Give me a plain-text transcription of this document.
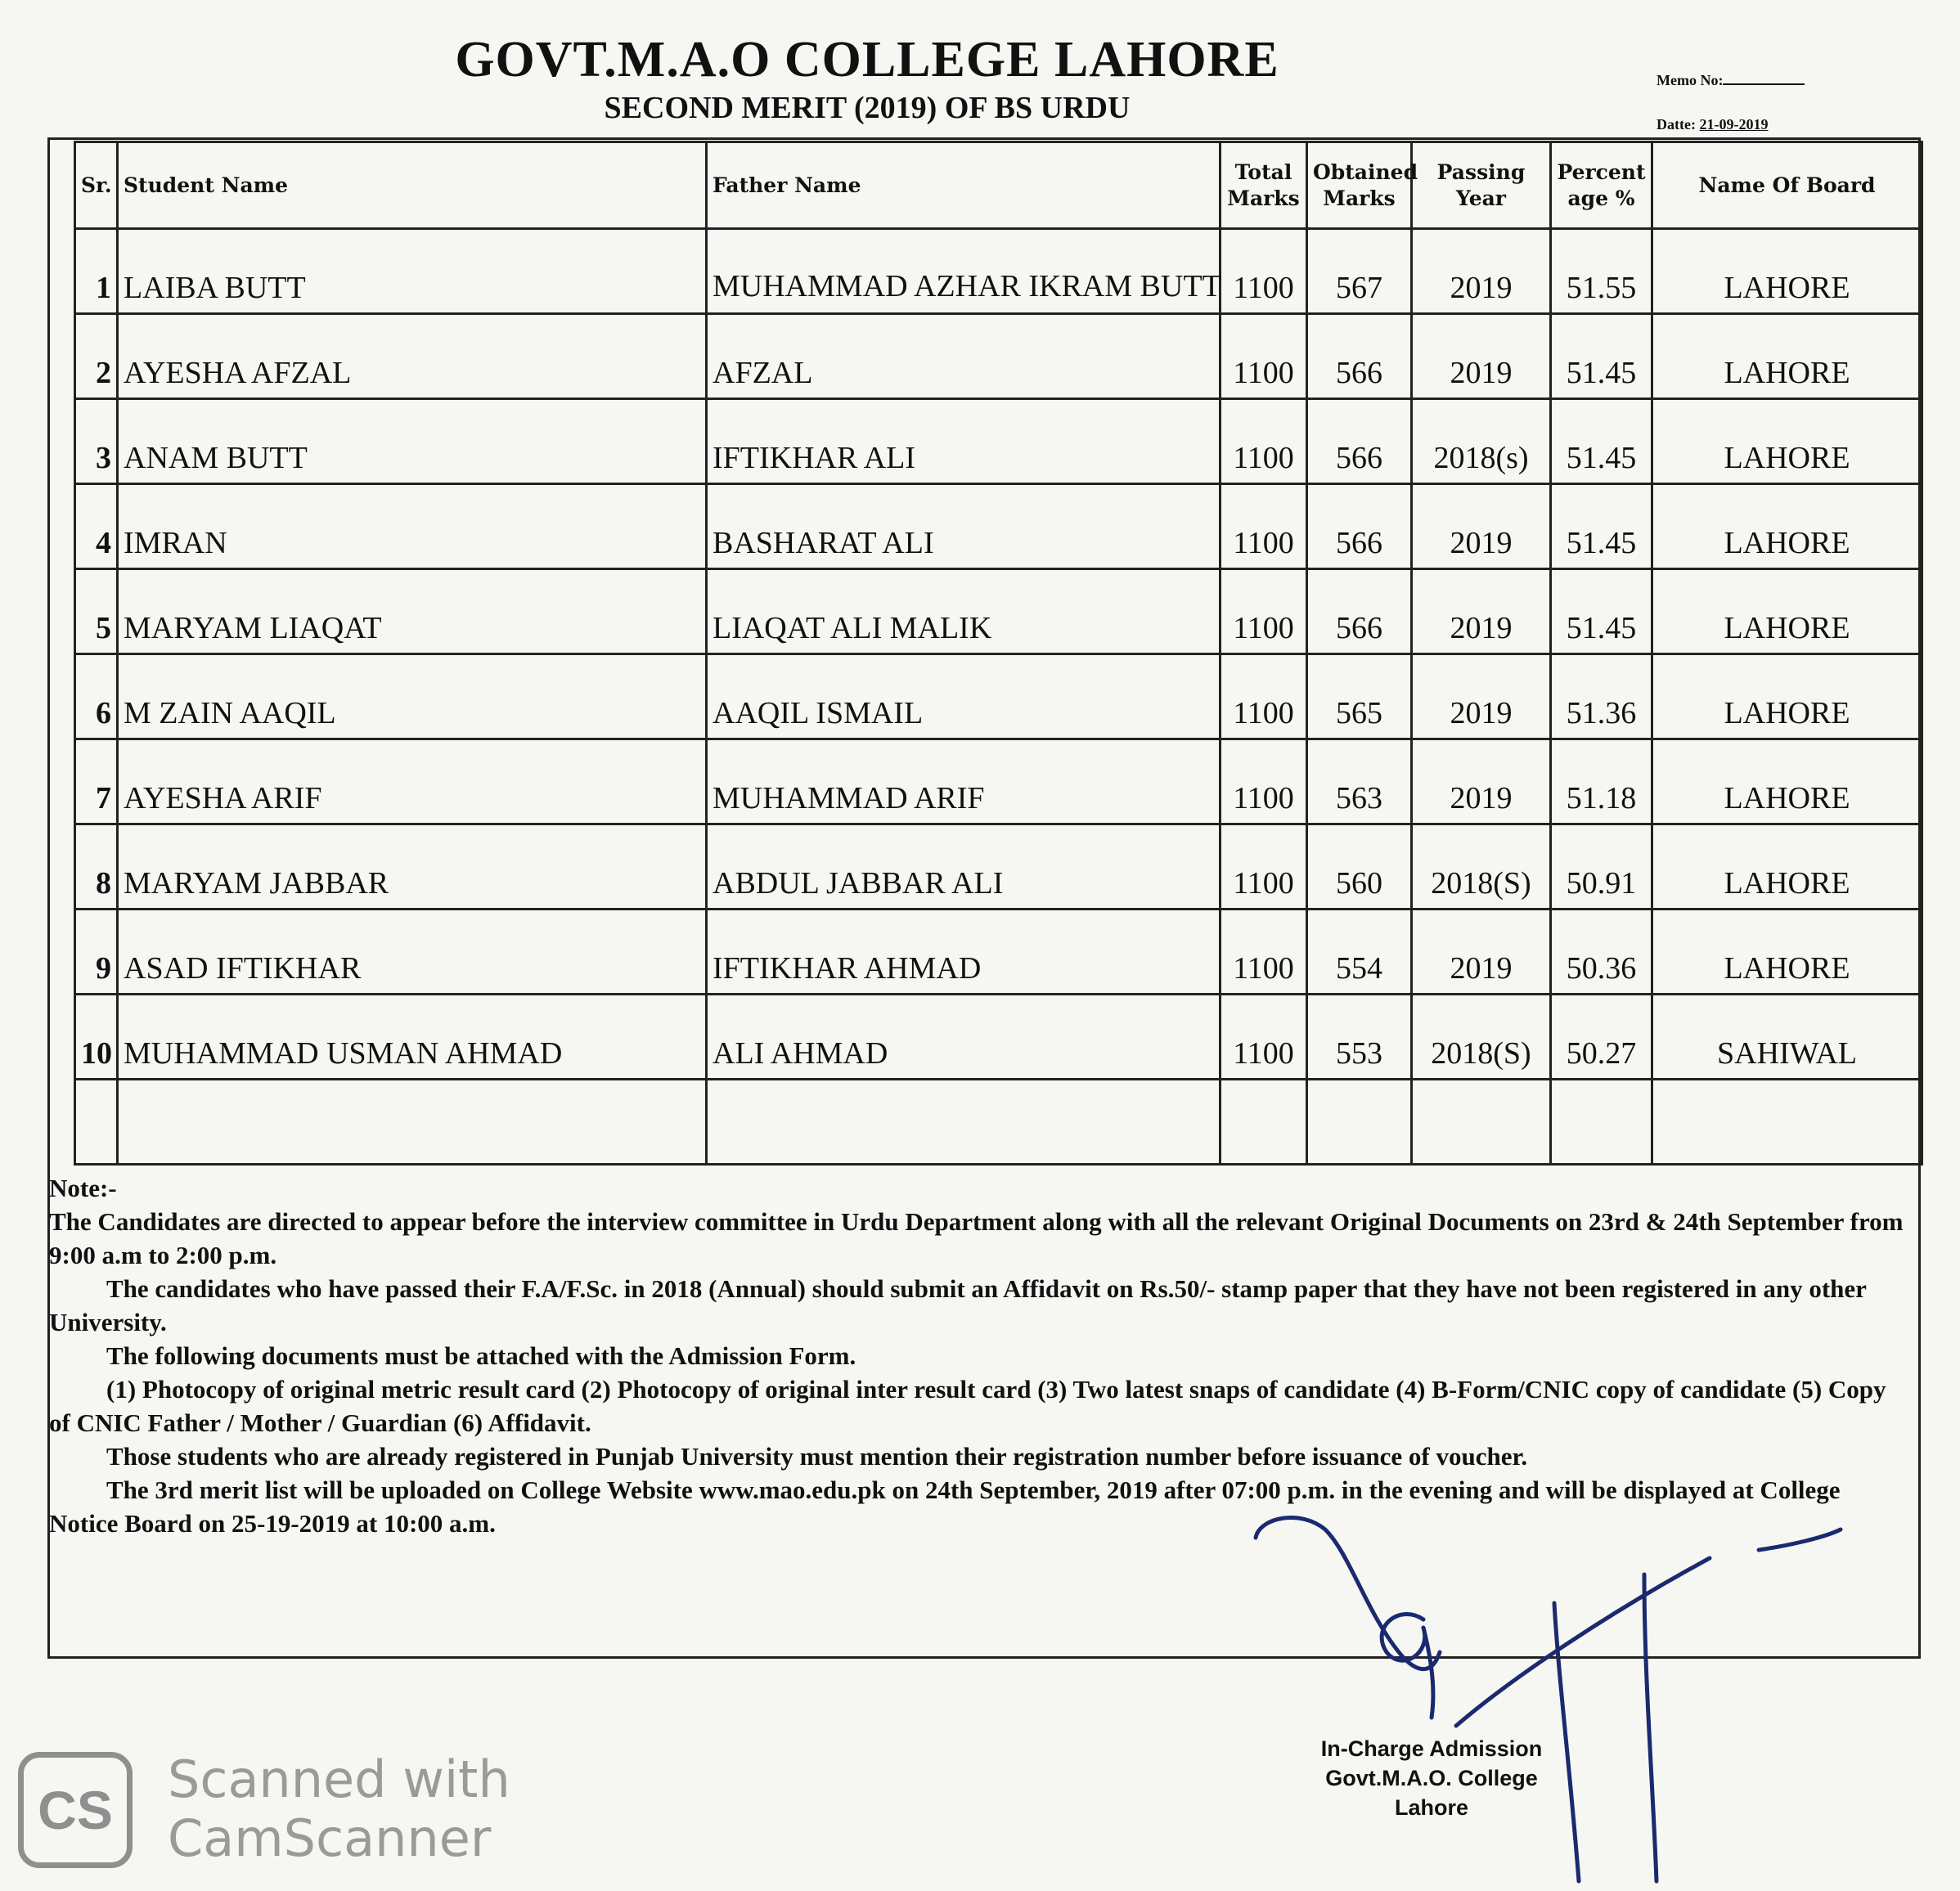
GOVT.M.A.O COLLEGE LAHORE
SECOND MERIT (2019) OF BS URDU
Memo No:
Datte: 21-09-2019
Sr.	Student Name	Father Name	Total Marks	Obtained Marks	Passing Year	Percent age %	Name Of Board
1	LAIBA BUTT	MUHAMMAD AZHAR IKRAM BUTT	1100	567	2019	51.55	LAHORE
2	AYESHA AFZAL	AFZAL	1100	566	2019	51.45	LAHORE
3	ANAM BUTT	IFTIKHAR ALI	1100	566	2018(s)	51.45	LAHORE
4	IMRAN	BASHARAT ALI	1100	566	2019	51.45	LAHORE
5	MARYAM LIAQAT	LIAQAT ALI MALIK	1100	566	2019	51.45	LAHORE
6	M ZAIN AAQIL	AAQIL ISMAIL	1100	565	2019	51.36	LAHORE
7	AYESHA ARIF	MUHAMMAD ARIF	1100	563	2019	51.18	LAHORE
8	MARYAM JABBAR	ABDUL JABBAR ALI	1100	560	2018(S)	50.91	LAHORE
9	ASAD IFTIKHAR	IFTIKHAR AHMAD	1100	554	2019	50.36	LAHORE
10	MUHAMMAD USMAN AHMAD	ALI AHMAD	1100	553	2018(S)	50.27	SAHIWAL

Note:-

The Candidates are directed to appear before the interview committee in Urdu Department along with all the relevant Original Documents on 23rd & 24th September from 9:00 a.m to 2:00 p.m.

The candidates who have passed their F.A/F.Sc. in 2018 (Annual) should submit an Affidavit on Rs.50/- stamp paper that they have not been registered in any other University.

The following documents must be attached with the Admission Form.

(1) Photocopy of original metric result card (2) Photocopy of original inter result card (3) Two latest snaps of candidate (4) B-Form/CNIC copy of candidate (5) Copy of CNIC Father / Mother / Guardian (6) Affidavit.

Those students who are already registered in Punjab University must mention their registration number before issuance of voucher.

The 3rd merit list will be uploaded on College Website www.mao.edu.pk on 24th September, 2019 after 07:00 p.m. in the evening and will be displayed at College Notice Board on 25-19-2019 at 10:00 a.m.

In-Charge Admission

Govt.M.A.O. College

Lahore

CS

Scanned with

CamScanner
